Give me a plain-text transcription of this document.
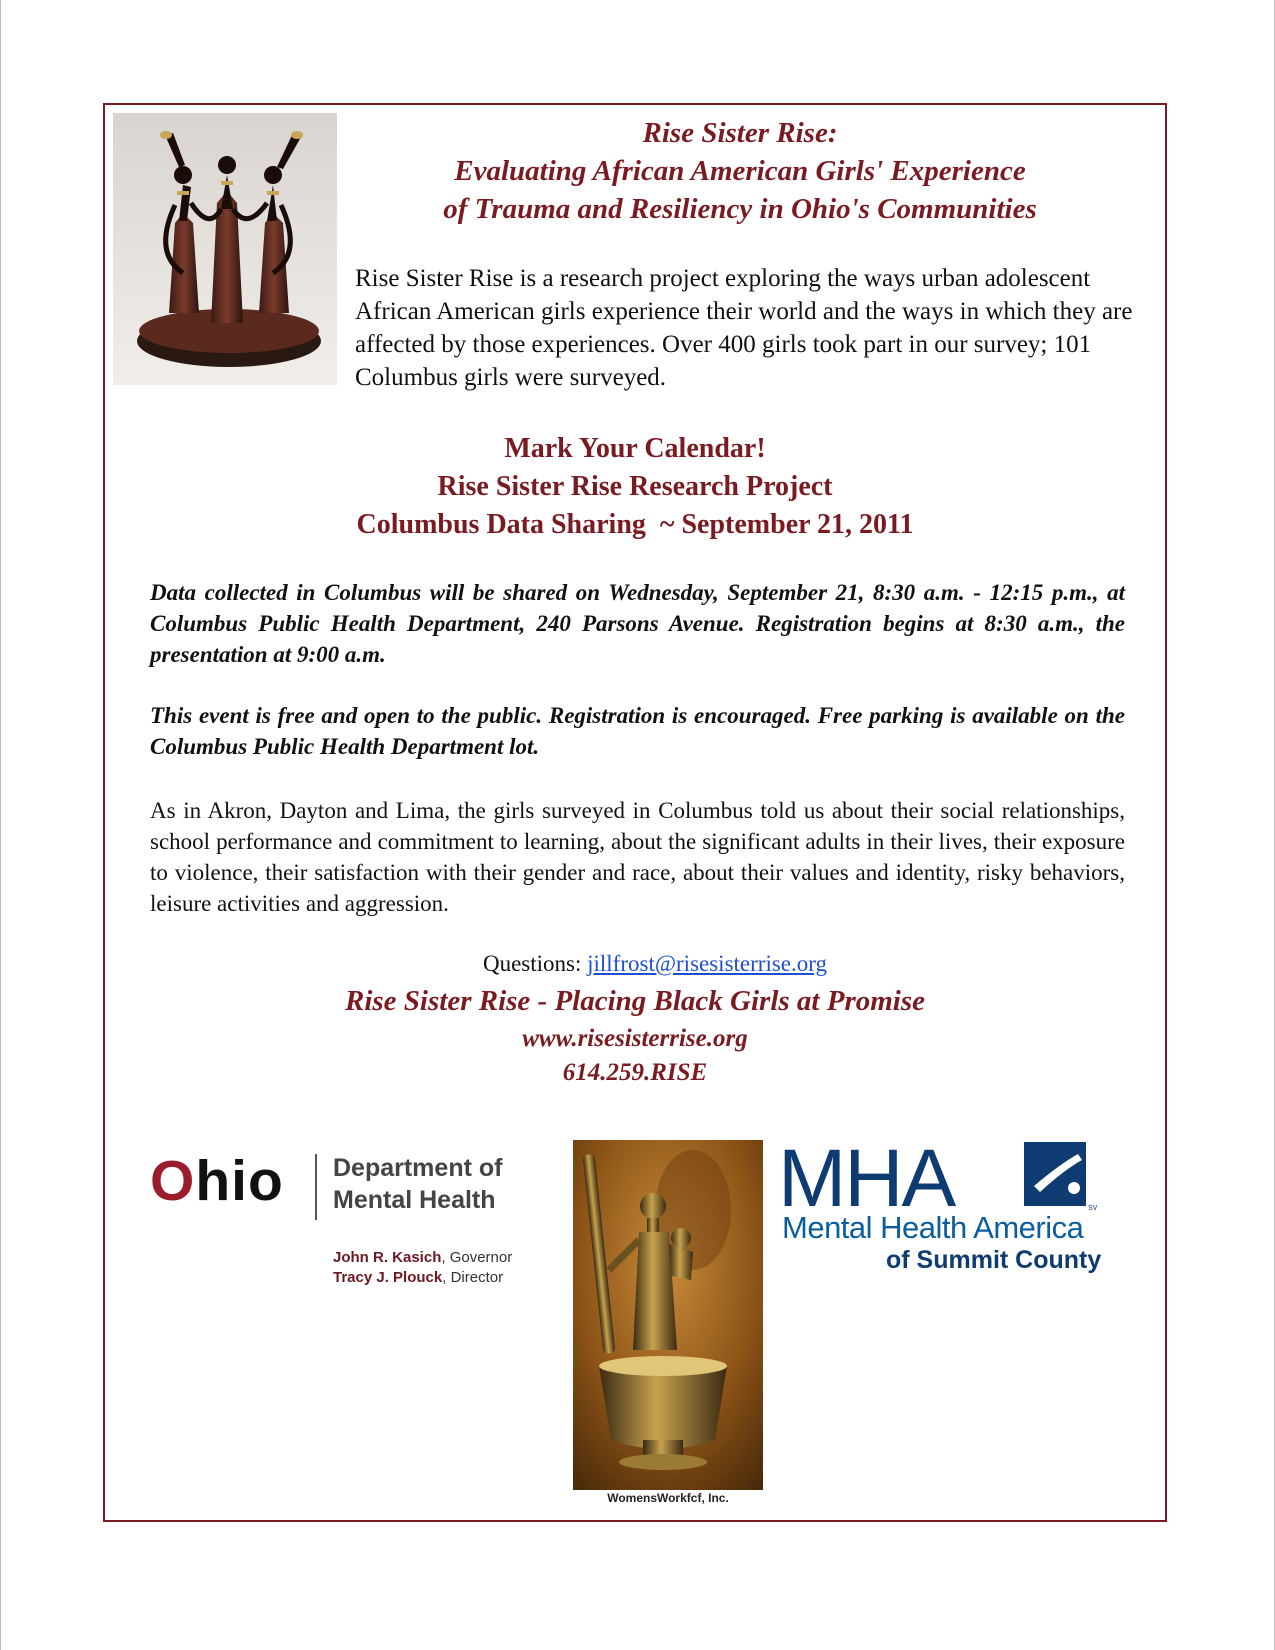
Rise Sister Rise:
Evaluating African American Girls' Experience
of Trauma and Resiliency in Ohio's Communities
Rise Sister Rise is a research project exploring the ways urban adolescent African American girls experience their world and the ways in which they are affected by those experiences. Over 400 girls took part in our survey; 101 Columbus girls were surveyed.
Mark Your Calendar!
Rise Sister Rise Research Project
Columbus Data Sharing  ~ September 21, 2011
Data collected in Columbus will be shared on Wednesday, September 21, 8:30 a.m. - 12:15 p.m., at Columbus Public Health Department, 240 Parsons Avenue. Registration begins at 8:30 a.m., the presentation at 9:00 a.m.
This event is free and open to the public. Registration is encouraged. Free parking is available on the Columbus Public Health Department lot.
As in Akron, Dayton and Lima, the girls surveyed in Columbus told us about their social relationships, school performance and commitment to learning, about the significant adults in their lives, their exposure to violence, their satisfaction with their gender and race, about their values and identity, risky behaviors, leisure activities and aggression.
Questions: jillfrost@risesisterrise.org
Rise Sister Rise - Placing Black Girls at Promise
www.risesisterrise.org
614.259.RISE
Ohio Department of
Mental Health
John R. Kasich, Governor
Tracy J. Plouck, Director
WomensWorkfcf, Inc.
MHA	SV
Mental Health America
of Summit County
